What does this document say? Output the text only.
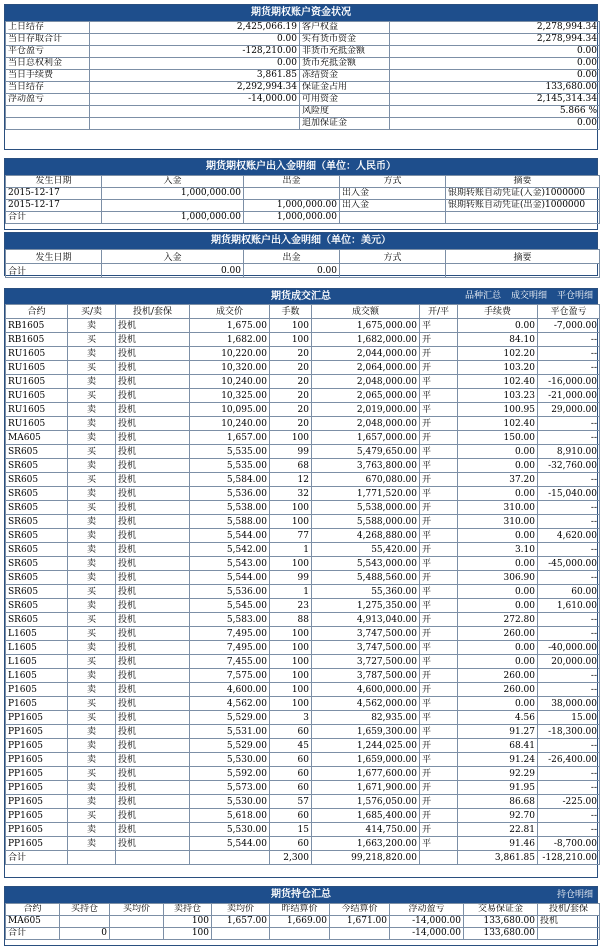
期货期权账户资金状况
上日结存	2,425,066.19	客户权益	2,278,994.34
当日存取合计	0.00	实有货币资金	2,278,994.34
平仓盈亏	-128,210.00	非货币充抵金额	0.00
当日总权利金	0.00	货币充抵金额	0.00
当日手续费	3,861.85	冻结资金	0.00
当日结存	2,292,994.34	保证金占用	133,680.00
浮动盈亏	-14,000.00	可用资金	2,145,314.34
		风险度	5.866 %
		追加保证金	0.00
期货期权账户出入金明细（单位：人民币）
发生日期	入金	出金	方式	摘要
2015-12-17	1,000,000.00		出入金	银期转账自动凭证(入金)1000000
2015-12-17		1,000,000.00	出入金	银期转账自动凭证(出金)1000000
合计	1,000,000.00	1,000,000.00		
期货期权账户出入金明细（单位：美元）
发生日期	入金	出金	方式	摘要
合计	0.00	0.00		
期货成交汇总	品种汇总 成交明细 平仓明细
合约	买/卖	投机/套保	成交价	手数	成交额	开/平	手续费	平仓盈亏
RB1605	卖	投机	1,675.00	100	1,675,000.00	平	0.00	-7,000.00
RB1605	买	投机	1,682.00	100	1,682,000.00	开	84.10	--
RU1605	卖	投机	10,220.00	20	2,044,000.00	开	102.20	--
RU1605	买	投机	10,320.00	20	2,064,000.00	开	103.20	--
RU1605	卖	投机	10,240.00	20	2,048,000.00	平	102.40	-16,000.00
RU1605	买	投机	10,325.00	20	2,065,000.00	平	103.23	-21,000.00
RU1605	卖	投机	10,095.00	20	2,019,000.00	平	100.95	29,000.00
RU1605	卖	投机	10,240.00	20	2,048,000.00	开	102.40	--
MA605	卖	投机	1,657.00	100	1,657,000.00	开	150.00	--
SR605	买	投机	5,535.00	99	5,479,650.00	平	0.00	8,910.00
SR605	卖	投机	5,535.00	68	3,763,800.00	平	0.00	-32,760.00
SR605	买	投机	5,584.00	12	670,080.00	开	37.20	--
SR605	卖	投机	5,536.00	32	1,771,520.00	平	0.00	-15,040.00
SR605	买	投机	5,538.00	100	5,538,000.00	开	310.00	--
SR605	卖	投机	5,588.00	100	5,588,000.00	开	310.00	--
SR605	卖	投机	5,544.00	77	4,268,880.00	平	0.00	4,620.00
SR605	卖	投机	5,542.00	1	55,420.00	开	3.10	--
SR605	卖	投机	5,543.00	100	5,543,000.00	平	0.00	-45,000.00
SR605	卖	投机	5,544.00	99	5,488,560.00	开	306.90	--
SR605	买	投机	5,536.00	1	55,360.00	平	0.00	60.00
SR605	卖	投机	5,545.00	23	1,275,350.00	平	0.00	1,610.00
SR605	买	投机	5,583.00	88	4,913,040.00	开	272.80	--
L1605	买	投机	7,495.00	100	3,747,500.00	开	260.00	--
L1605	卖	投机	7,495.00	100	3,747,500.00	平	0.00	-40,000.00
L1605	买	投机	7,455.00	100	3,727,500.00	平	0.00	20,000.00
L1605	卖	投机	7,575.00	100	3,787,500.00	开	260.00	--
P1605	卖	投机	4,600.00	100	4,600,000.00	开	260.00	--
P1605	买	投机	4,562.00	100	4,562,000.00	平	0.00	38,000.00
PP1605	买	投机	5,529.00	3	82,935.00	平	4.56	15.00
PP1605	卖	投机	5,531.00	60	1,659,300.00	平	91.27	-18,300.00
PP1605	卖	投机	5,529.00	45	1,244,025.00	开	68.41	--
PP1605	卖	投机	5,530.00	60	1,659,000.00	平	91.24	-26,400.00
PP1605	买	投机	5,592.00	60	1,677,600.00	开	92.29	--
PP1605	卖	投机	5,573.00	60	1,671,900.00	开	91.95	--
PP1605	卖	投机	5,530.00	57	1,576,050.00	开	86.68	-225.00
PP1605	买	投机	5,618.00	60	1,685,400.00	开	92.70	--
PP1605	卖	投机	5,530.00	15	414,750.00	开	22.81	--
PP1605	卖	投机	5,544.00	60	1,663,200.00	平	91.46	-8,700.00
合计				2,300	99,218,820.00		3,861.85	-128,210.00
期货持仓汇总	持仓明细
合约	买持仓	买均价	卖持仓	卖均价	昨结算价	今结算价	浮动盈亏	交易保证金	投机/套保
MA605			100	1,657.00	1,669.00	1,671.00	-14,000.00	133,680.00	投机
合计	0		100				-14,000.00	133,680.00	
